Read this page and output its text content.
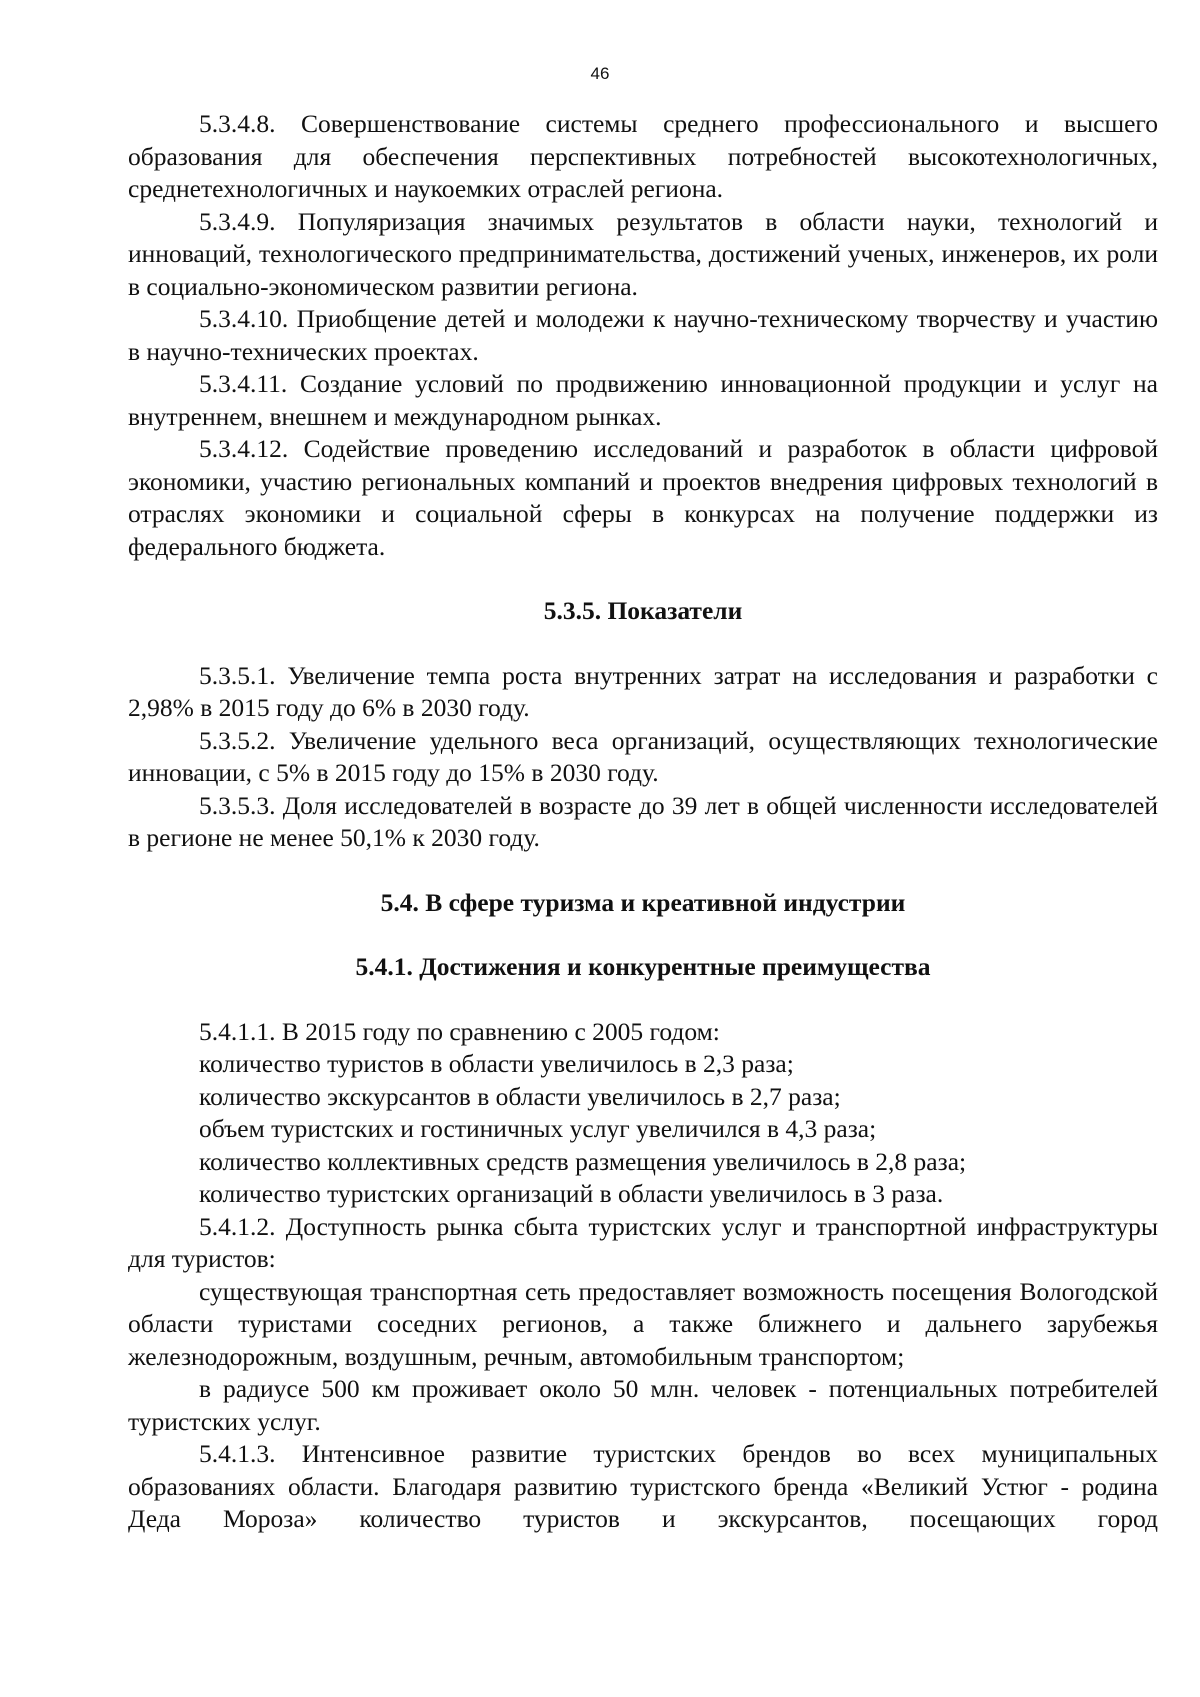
46

5.3.4.8. Совершенствование системы среднего профессионального и высшего образования для обеспечения перспективных потребностей высокотехнологичных, среднетехнологичных и наукоемких отраслей региона.

5.3.4.9. Популяризация значимых результатов в области науки, технологий и инноваций, технологического предпринимательства, достижений ученых, инженеров, их роли в социально-экономическом развитии региона.

5.3.4.10. Приобщение детей и молодежи к научно-техническому творчеству и участию в научно-технических проектах.

5.3.4.11. Создание условий по продвижению инновационной продукции и услуг на внутреннем, внешнем и международном рынках.

5.3.4.12. Содействие проведению исследований и разработок в области цифровой экономики, участию региональных компаний и проектов внедрения цифровых технологий в отраслях экономики и социальной сферы в конкурсах на получение поддержки из федерального бюджета.

5.3.5. Показатели

5.3.5.1. Увеличение темпа роста внутренних затрат на исследования и разработки с 2,98% в 2015 году до 6% в 2030 году.

5.3.5.2. Увеличение удельного веса организаций, осуществляющих технологические инновации, с 5% в 2015 году до 15% в 2030 году.

5.3.5.3. Доля исследователей в возрасте до 39 лет в общей численности исследователей в регионе не менее 50,1% к 2030 году.

5.4. В сфере туризма и креативной индустрии
5.4.1. Достижения и конкурентные преимущества

5.4.1.1. В 2015 году по сравнению с 2005 годом:

количество туристов в области увеличилось в 2,3 раза;

количество экскурсантов в области увеличилось в 2,7 раза;

объем туристских и гостиничных услуг увеличился в 4,3 раза;

количество коллективных средств размещения увеличилось в 2,8 раза;

количество туристских организаций в области увеличилось в 3 раза.

5.4.1.2. Доступность рынка сбыта туристских услуг и транспортной инфраструктуры для туристов:

существующая транспортная сеть предоставляет возможность посещения Вологодской области туристами соседних регионов, а также ближнего и дальнего зарубежья железнодорожным, воздушным, речным, автомобильным транспортом;

в радиусе 500 км проживает около 50 млн. человек - потенциальных потребителей туристских услуг.

5.4.1.3. Интенсивное развитие туристских брендов во всех муниципальных образованиях области. Благодаря развитию туристского бренда «Великий Устюг - родина Деда Мороза» количество туристов и экскурсантов, посещающих город
